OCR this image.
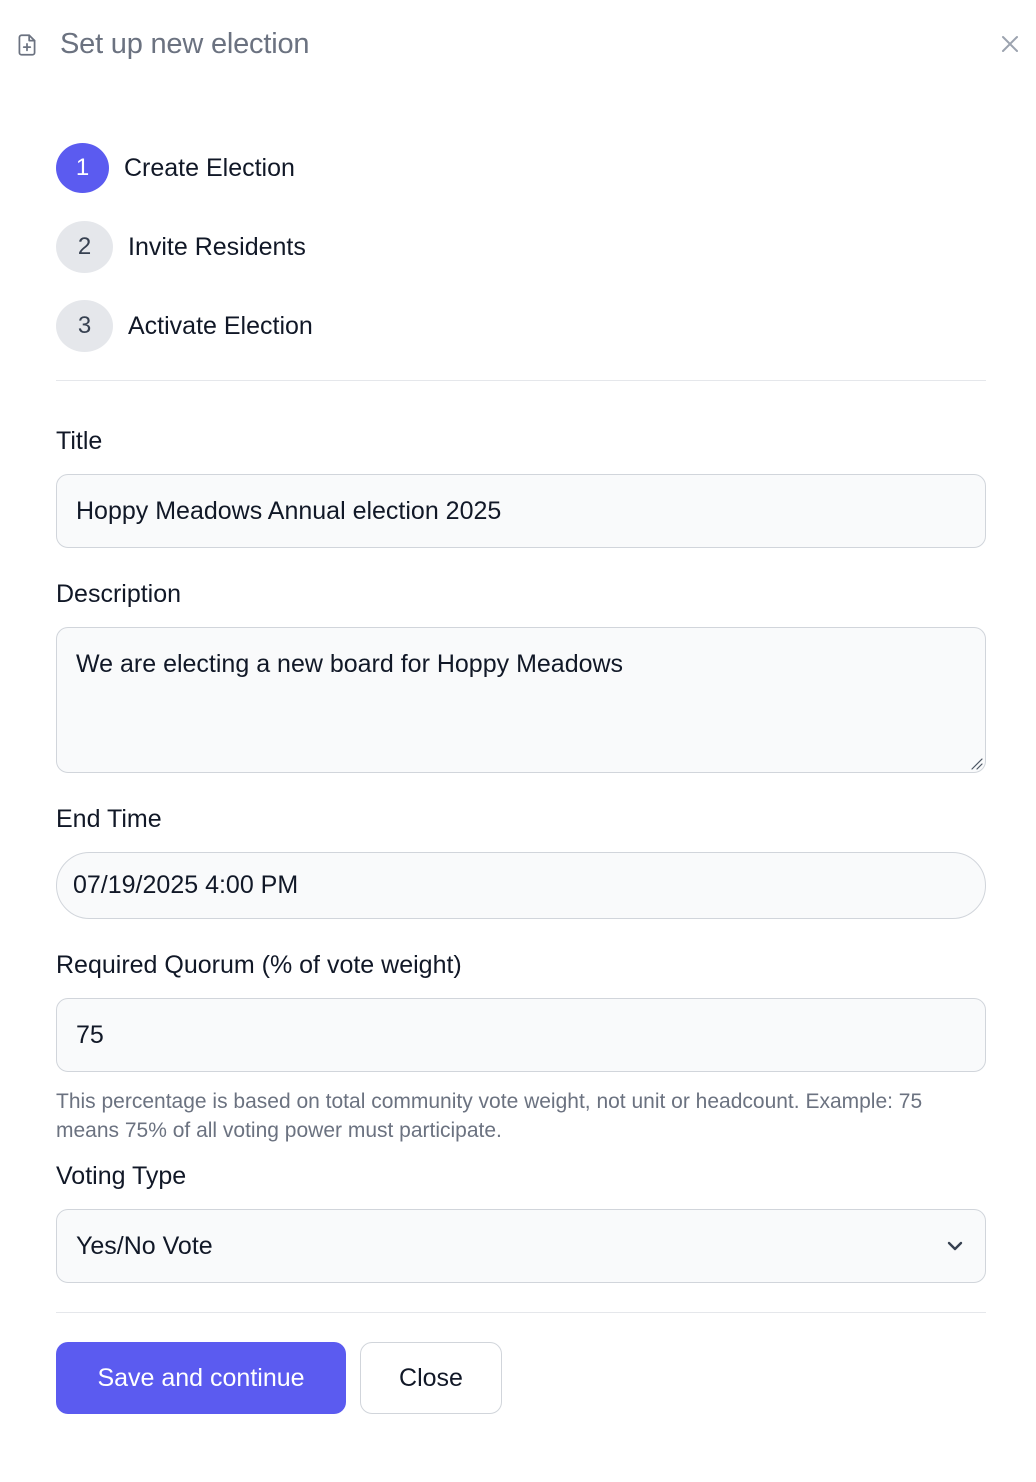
Set up new election
1	Create Election
2	Invite Residents
3	Activate Election
Title
Hoppy Meadows Annual election 2025
Description
We are electing a new board for Hoppy Meadows
End Time
07/19/2025 4:00 PM
Required Quorum (% of vote weight)
75
This percentage is based on total community vote weight, not unit or headcount. Example: 75 means 75% of all voting power must participate.
Voting Type
Yes/No Vote
Save and continue	Close
